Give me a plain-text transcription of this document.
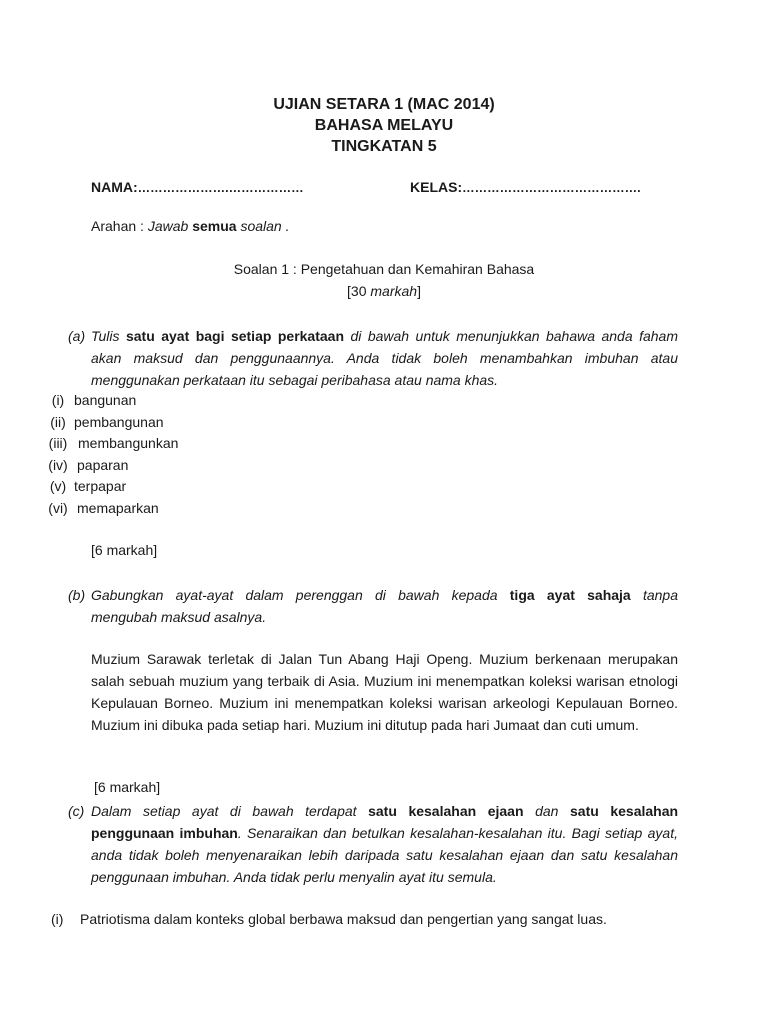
UJIAN SETARA 1 (MAC 2014)
BAHASA MELAYU
TINGKATAN 5
NAMA:………………….………………	KELAS:…………………………………….
Arahan : Jawab semua soalan .
Soalan 1 : Pengetahuan dan Kemahiran Bahasa
[30 markah]
(a) Tulis satu ayat bagi setiap perkataan di bawah untuk menunjukkan bahawa anda faham
akan maksud dan penggunaannya. Anda tidak boleh menambahkan imbuhan atau
menggunakan perkataan itu sebagai peribahasa atau nama khas.
(i) bangunan
(ii) pembangunan
(iii) membangunkan
(iv) paparan
(v) terpapar
(vi) memaparkan
[6 markah]
(b) Gabungkan ayat-ayat dalam perenggan di bawah kepada tiga ayat sahaja tanpa
mengubah maksud asalnya.
Muzium Sarawak terletak di Jalan Tun Abang Haji Openg. Muzium berkenaan merupakan salah sebuah muzium yang terbaik di Asia. Muzium ini menempatkan koleksi warisan etnologi Kepulauan Borneo. Muzium ini menempatkan koleksi warisan arkeologi Kepulauan Borneo. Muzium ini dibuka pada setiap hari. Muzium ini ditutup pada hari Jumaat dan cuti umum.
[6 markah]
(c) Dalam setiap ayat di bawah terdapat satu kesalahan ejaan dan satu kesalahan penggunaan imbuhan. Senaraikan dan betulkan kesalahan-kesalahan itu. Bagi setiap ayat, anda tidak boleh menyenaraikan lebih daripada satu kesalahan ejaan dan satu kesalahan penggunaan imbuhan. Anda tidak perlu menyalin ayat itu semula.
(i) Patriotisma dalam konteks global berbawa maksud dan pengertian yang sangat luas.
